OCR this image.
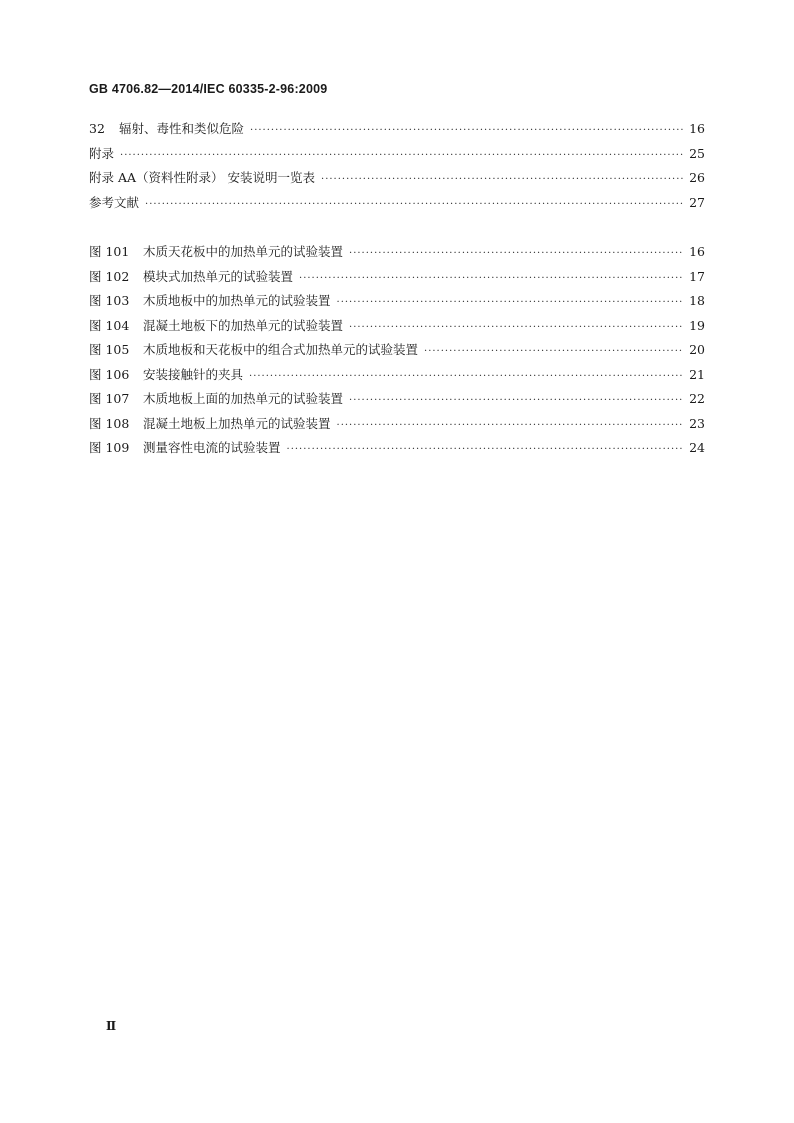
GB 4706.82—2014/IEC 60335-2-96:2009
32	辐射、毒性和类似危险 ·····	16
附录 ·····	25
附录 AA（资料性附录） 安装说明一览表 ·····	26
参考文献 ·····	27
图 101	木质天花板中的加热单元的试验装置 ·····	16
图 102	模块式加热单元的试验装置 ·····	17
图 103	木质地板中的加热单元的试验装置 ·····	18
图 104	混凝土地板下的加热单元的试验装置 ·····	19
图 105	木质地板和天花板中的组合式加热单元的试验装置 ·····	20
图 106	安装接触针的夹具 ·····	21
图 107	木质地板上面的加热单元的试验装置 ·····	22
图 108	混凝土地板上加热单元的试验装置 ·····	23
图 109	测量容性电流的试验装置 ·····	24
Ⅱ
